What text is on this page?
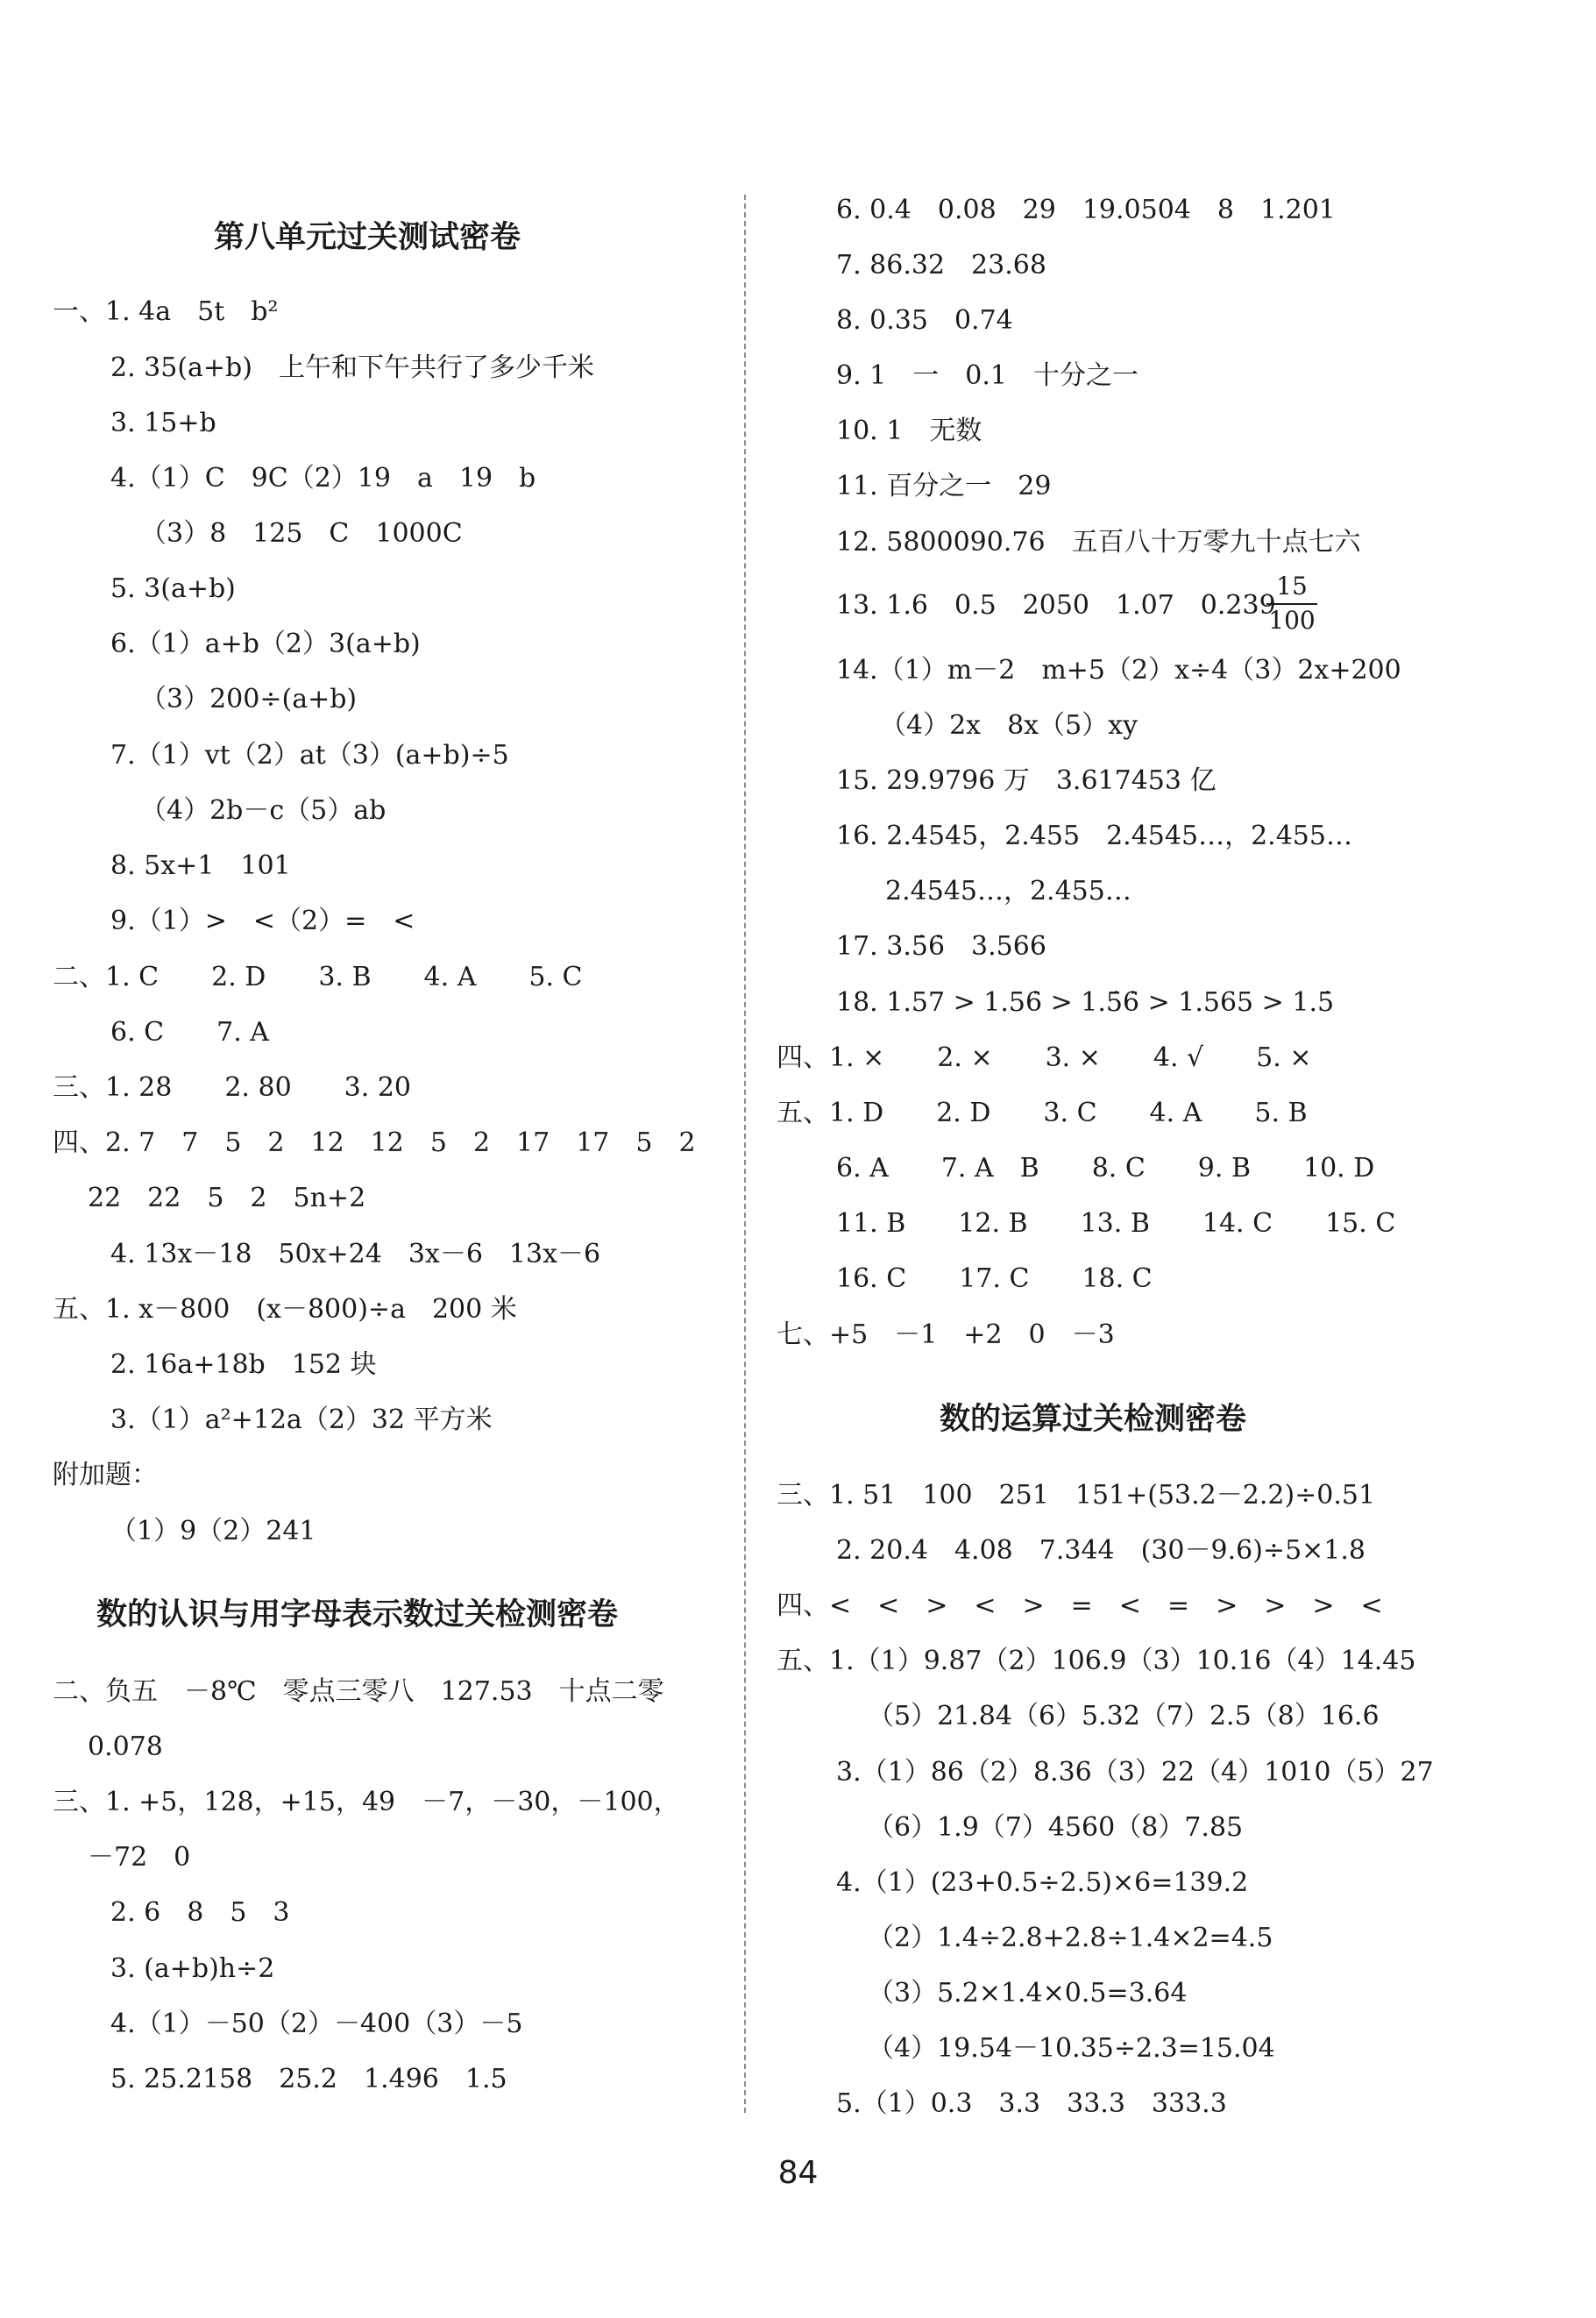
第八单元过关测试密卷
一、1. 4a　5t　b²
2. 35(a+b)　上午和下午共行了多少千米
3. 15+b
4.（1）C　9C（2）19　a　19　b
（3）8　125　C　1000C
5. 3(a+b)
6.（1）a+b（2）3(a+b)
（3）200÷(a+b)
7.（1）vt（2）at（3）(a+b)÷5
（4）2b－c（5）ab
8. 5x+1　101
9.（1）>　<（2）=　<
二、1. C　　2. D　　3. B　　4. A　　5. C
6. C　　7. A
三、1. 28　　2. 80　　3. 20
四、2. 7　7　5　2　12　12　5　2　17　17　5　2
22　22　5　2　5n+2
4. 13x－18　50x+24　3x－6　13x－6
五、1. x－800　(x－800)÷a　200 米
2. 16a+18b　152 块
3.（1）a²+12a（2）32 平方米
附加题：
（1）9（2）241
数的认识与用字母表示数过关检测密卷
二、负五　－8℃　零点三零八　127.53　十点二零
0.078
三、1. +5，128，+15，49　－7，－30，－100，
－72　0
2. 6　8　5　3
3. (a+b)h÷2
4.（1）－50（2）－400（3）－5
5. 25.2158　25.2　1.496　1.5
6. 0.4　0.08　29　19.0504　8　1.201
7. 86.32　23.68
8. 0.35　0.74
9. 1　一　0.1　十分之一
10. 1　无数
11. 百分之一　29
12. 5800090.76　五百八十万零九十点七六
13. 1.6　0.5　2050　1.07　0.239
15
100
14.（1）m－2　m+5（2）x÷4（3）2x+200
（4）2x　8x（5）xy
15. 29.9796 万　3.617453 亿
16. 2.4545，2.455　2.4545…，2.455…
2.4545…，2.455…
17. 3.5̇6̇　3.566
18. 1.57 > 1.56̇ > 1.5̇6̇ > 1.565 > 1.5̇
四、1. ×　　2. ×　　3. ×　　4. √　　5. ×
五、1. D　　2. D　　3. C　　4. A　　5. B
6. A　　7. A　B　　8. C　　9. B　　10. D
11. B　　12. B　　13. B　　14. C　　15. C
16. C　　17. C　　18. C
七、+5　－1　+2　0　－3
数的运算过关检测密卷
三、1. 51　100　251　151+(53.2－2.2)÷0.51
2. 20.4　4.08　7.344　(30－9.6)÷5×1.8
四、<　<　>　<　>　=　<　=　>　>　>　<
五、1.（1）9.87（2）106.9（3）10.16（4）14.45
（5）21.84（6）5.32（7）2.5（8）16.6̇
3.（1）86（2）8.36（3）22（4）1010（5）27
（6）1.9（7）4560（8）7.85
4.（1）(23+0.5÷2.5)×6=139.2
（2）1.4÷2.8+2.8÷1.4×2=4.5
（3）5.2×1.4×0.5=3.64
（4）19.54－10.35÷2.3=15.04
5.（1）0.3　3.3　33.3　333.3
84
